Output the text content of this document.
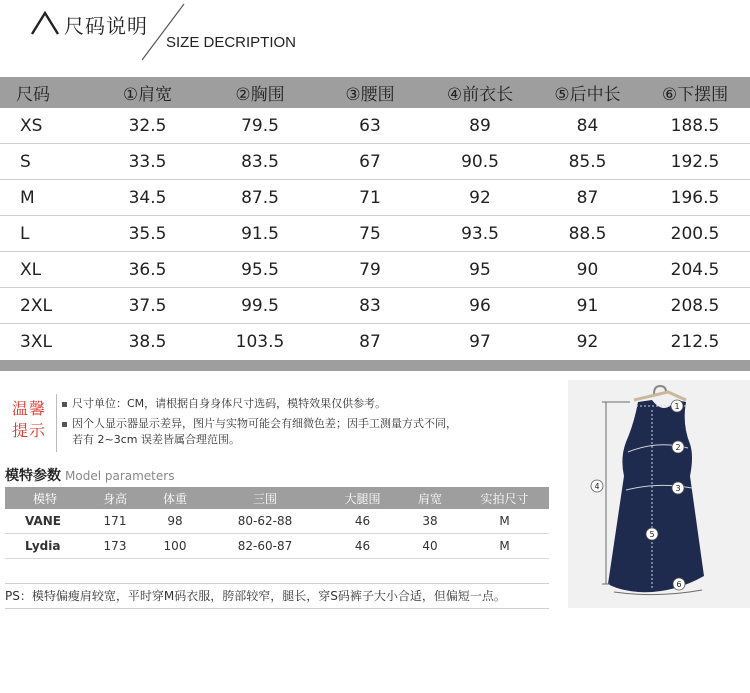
尺码说明
SIZE DECRIPTION
尺码	①肩宽	②胸围	③腰围	④前衣长	⑤后中长	⑥下摆围
XS	32.5	79.5	63	89	84	188.5
S	33.5	83.5	67	90.5	85.5	192.5
M	34.5	87.5	71	92	87	196.5
L	35.5	91.5	75	93.5	88.5	200.5
XL	36.5	95.5	79	95	90	204.5
2XL	37.5	99.5	83	96	91	208.5
3XL	38.5	103.5	87	97	92	212.5
温馨
提示
尺寸单位：CM，请根据自身身体尺寸选码，模特效果仅供参考。
因个人显示器显示差异，图片与实物可能会有细微色差；因手工测量方式不同，
若有 2~3cm 误差皆属合理范围。
模特参数 Model parameters
模特	身高	体重	三围	大腿围	肩宽	实拍尺寸
VANE	171	98	80-62-88	46	38	M
Lydia	173	100	82-60-87	46	40	M
PS：模特偏瘦肩较宽，平时穿M码衣服，胯部较窄，腿长，穿S码裤子大小合适，但偏短一点。
1
2
3
4
5
6
